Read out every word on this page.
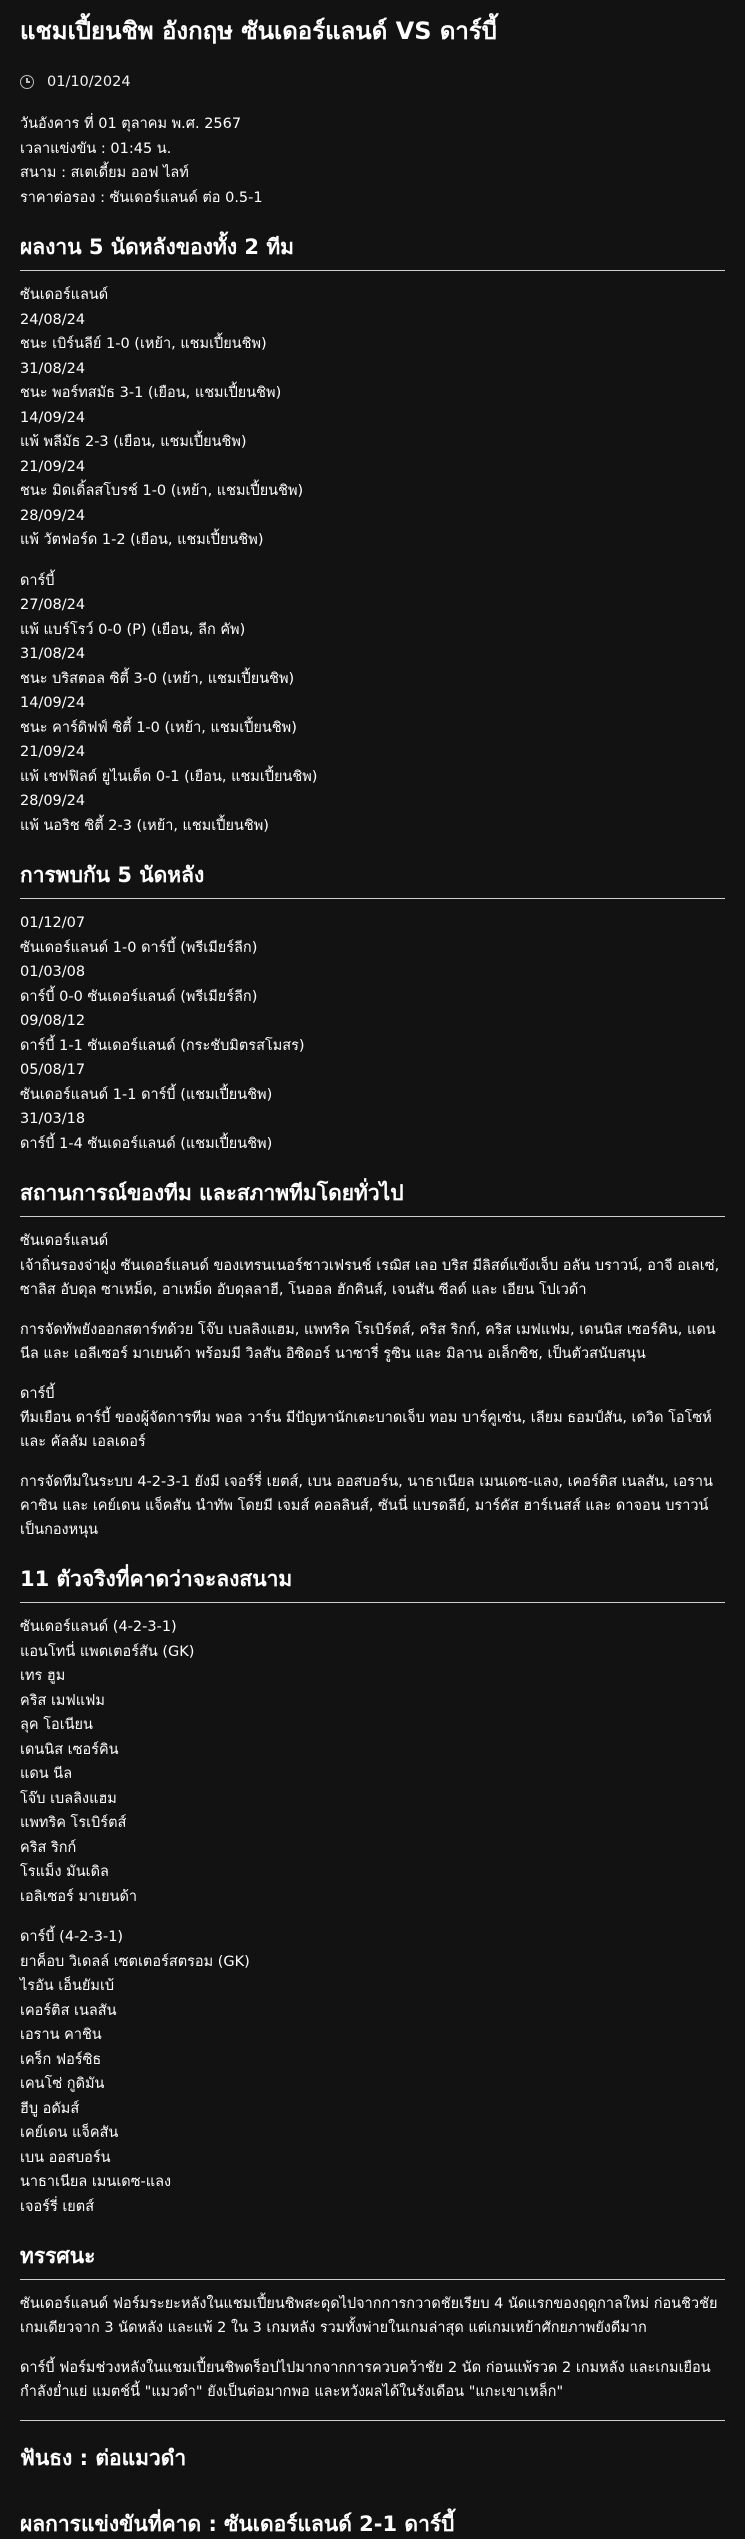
แชมเปี้ยนชิพ อังกฤษ ซันเดอร์แลนด์ VS ดาร์บี้
01/10/2024

วันอังคาร ที่ 01 ตุลาคม พ.ศ. 2567

เวลาแข่งขัน : 01:45 น.

สนาม : สเตเดี้ยม ออฟ ไลท์

ราคาต่อรอง : ซันเดอร์แลนด์ ต่อ 0.5-1

ผลงาน 5 นัดหลังของทั้ง 2 ทีม

ซันเดอร์แลนด์

24/08/24

ชนะ เบิร์นลีย์ 1-0 (เหย้า, แชมเปี้ยนชิพ)

31/08/24

ชนะ พอร์ทสมัธ 3-1 (เยือน, แชมเปี้ยนชิพ)

14/09/24

แพ้ พลีมัธ 2-3 (เยือน, แชมเปี้ยนชิพ)

21/09/24

ชนะ มิดเดิ้ลสโบรช์ 1-0 (เหย้า, แชมเปี้ยนชิพ)

28/09/24

แพ้ วัตฟอร์ด 1-2 (เยือน, แชมเปี้ยนชิพ)

ดาร์บี้

27/08/24

แพ้ แบร์โรว์ 0-0 (P) (เยือน, ลีก คัพ)

31/08/24

ชนะ บริสตอล ซิตี้ 3-0 (เหย้า, แชมเปี้ยนชิพ)

14/09/24

ชนะ คาร์ดิฟฟ์ ซิตี้ 1-0 (เหย้า, แชมเปี้ยนชิพ)

21/09/24

แพ้ เชฟฟิลด์ ยูไนเต็ด 0-1 (เยือน, แชมเปี้ยนชิพ)

28/09/24

แพ้ นอริช ซิตี้ 2-3 (เหย้า, แชมเปี้ยนชิพ)

การพบกัน 5 นัดหลัง

01/12/07

ซันเดอร์แลนด์ 1-0 ดาร์บี้ (พรีเมียร์ลีก)

01/03/08

ดาร์บี้ 0-0 ซันเดอร์แลนด์ (พรีเมียร์ลีก)

09/08/12

ดาร์บี้ 1-1 ซันเดอร์แลนด์ (กระชับมิตรสโมสร)

05/08/17

ซันเดอร์แลนด์ 1-1 ดาร์บี้ (แชมเปี้ยนชิพ)

31/03/18

ดาร์บี้ 1-4 ซันเดอร์แลนด์ (แชมเปี้ยนชิพ)

สถานการณ์ของทีม และสภาพทีมโดยทั่วไป

ซันเดอร์แลนด์

เจ้าถิ่นรองจ่าฝูง ซันเดอร์แลนด์ ของเทรนเนอร์ชาวเฟรนช์ เรฌิส เลอ บริส มีลิสต์แข้งเจ็บ อลัน บราวน์, อาจี อเลเซ่, ซาลิส อับดุล ซาเหม็ด, อาเหม็ด อับดุลลาฮี, โนออล ฮักคินส์, เจนสัน ซีลด์ และ เอียน โปเวด้า

การจัดทัพยังออกสตาร์ทด้วย โจ๊บ เบลลิงแฮม, แพทริค โรเบิร์ตส์, คริส ริกก์, คริส เมฟแฟม, เดนนิส เซอร์คิน, แดน นีล และ เอลีเซอร์ มาเยนด้า พร้อมมี วิลสัน อิซิดอร์ นาซารี่ รูซิน และ มิลาน อเล็กซิช, เป็นตัวสนับสนุน

ดาร์บี้

ทีมเยือน ดาร์บี้ ของผู้จัดการทีม พอล วาร์น มีปัญหานักเตะบาดเจ็บ ทอม บาร์คูเซ่น, เลียม ธอมป์สัน, เดวิด โอโซห์ และ คัลลัม เอลเดอร์

การจัดทีมในระบบ 4-2-3-1 ยังมี เจอร์รี่ เยตส์, เบน ออสบอร์น, นาธาเนียล เมนเดซ-แลง, เคอร์ติส เนลสัน, เอราน คาชิน และ เคย์เดน แจ็คสัน นำทัพ โดยมี เจมส์ คอลลินส์, ซันนี่ แบรดลีย์, มาร์คัส ฮาร์เนสส์ และ ดาจอน บราวน์ เป็นกองหนุน

11 ตัวจริงที่คาดว่าจะลงสนาม

ซันเดอร์แลนด์ (4-2-3-1)

แอนโทนี่ แพตเตอร์สัน (GK)

เทร ฮูม

คริส เมฟแฟม

ลุค โอเนียน

เดนนิส เซอร์คิน

แดน นีล

โจ๊บ เบลลิงแฮม

แพทริค โรเบิร์ตส์

คริส ริกก์

โรแม็ง มันเดิล

เอลิเซอร์ มาเยนด้า

ดาร์บี้ (4-2-3-1)

ยาค็อบ วิเดลล์ เซตเตอร์สตรอม (GK)

ไรอัน เอ็นยัมเบ้

เคอร์ติส เนลสัน

เอราน คาชิน

เคร็ก ฟอร์ซิธ

เคนโซ่ กูดิมัน

ฮีบู อดัมส์

เคย์เดน แจ็คสัน

เบน ออสบอร์น

นาธาเนียล เมนเดซ-แลง

เจอร์รี่ เยตส์

ทรรศนะ

ซันเดอร์แลนด์ ฟอร์มระยะหลังในแชมเปี้ยนชิพสะดุดไปจากการกวาดชัยเรียบ 4 นัดแรกของฤดูกาลใหม่ ก่อนชิวชัยเกมเดียวจาก 3 นัดหลัง และแพ้ 2 ใน 3 เกมหลัง รวมทั้งพ่ายในเกมล่าสุด แต่เกมเหย้าศักยภาพยังดีมาก

ดาร์บี้ ฟอร์มช่วงหลังในแชมเปี้ยนชิพดร็อปไปมากจากการควบคว้าชัย 2 นัด ก่อนแพ้รวด 2 เกมหลัง และเกมเยือนกำลังย่ำแย่ แมตช์นี้ "แมวดำ" ยังเป็นต่อมากพอ และหวังผลได้ในรังเดือน "แกะเขาเหล็ก"

ฟันธง : ต่อแมวดำ

ผลการแข่งขันที่คาด : ซันเดอร์แลนด์ 2-1 ดาร์บี้
